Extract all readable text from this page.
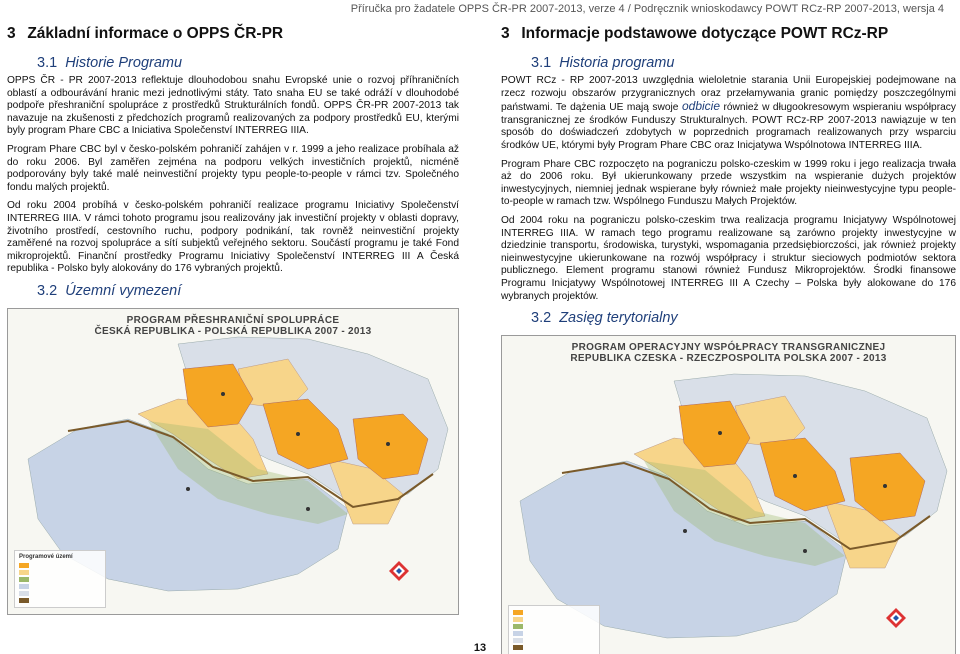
Příručka pro žadatele OPPS ČR-PR 2007-2013, verze 4 / Podręcznik wnioskodawcy POWT RCz-RP 2007-2013, wersja 4
3 Základní informace o OPPS ČR-PR
3.1 Historie Programu

OPPS ČR - PR 2007-2013 reflektuje dlouhodobou snahu Evropské unie o rozvoj příhraničních oblastí a odbourávání hranic mezi jednotlivými státy. Tato snaha EU se také odráží v dlouhodobé podpoře přeshraniční spolupráce z prostředků Strukturálních fondů. OPPS ČR-PR 2007-2013 tak navazuje na zkušenosti z předchozích programů realizovaných za podpory prostředků EU, kterými byly program Phare CBC a Iniciativa Společenství INTERREG IIIA.

Program Phare CBC byl v česko-polském pohraničí zahájen v r. 1999 a jeho realizace probíhala až do roku 2006. Byl zaměřen zejména na podporu velkých investičních projektů, nicméně podporovány byly také malé neinvestiční projekty typu people-to-people v rámci tzv. Společného fondu malých projektů.

Od roku 2004 probíhá v česko-polském pohraničí realizace programu Iniciativy Společenství INTERREG IIIA. V rámci tohoto programu jsou realizovány jak investiční projekty v oblasti dopravy, životního prostředí, cestovního ruchu, podpory podnikání, tak rovněž neinvestiční projekty zaměřené na rozvoj spolupráce a sítí subjektů veřejného sektoru. Součástí programu je také Fond mikroprojektů. Finanční prostředky Programu Iniciativy Společenství INTERREG III A Česká republika - Polsko byly alokovány do 176 vybraných projektů.

3.2 Územní vymezení
PROGRAM PŘESHRANIČNÍ SPOLUPRÁCE
ČESKÁ REPUBLIKA - POLSKÁ REPUBLIKA 2007 - 2013
Programové území
3 Informacje podstawowe dotyczące POWT RCz-RP
3.1 Historia programu

POWT RCz - RP 2007-2013 uwzględnia wieloletnie starania Unii Europejskiej podejmowane na rzecz rozwoju obszarów przygranicznych oraz przełamywania granic pomiędzy poszczególnymi państwami. Te dążenia UE mają swoje odbicie również w długookresowym wspieraniu współpracy transgranicznej ze środków Funduszy Strukturalnych. POWT RCz-RP 2007-2013 nawiązuje w ten sposób do doświadczeń zdobytych w poprzednich programach realizowanych przy wsparciu środków UE, którymi były Program Phare CBC oraz Inicjatywa Wspólnotowa INTERREG IIIA.

Program Phare CBC rozpoczęto na pograniczu polsko-czeskim w 1999 roku i jego realizacja trwała aż do 2006 roku. Był ukierunkowany przede wszystkim na wspieranie dużych projektów inwestycyjnych, niemniej jednak wspierane były również małe projekty nieinwestycyjne typu people-to-people w ramach tzw. Wspólnego Funduszu Małych Projektów.

Od 2004 roku na pograniczu polsko-czeskim trwa realizacja programu Inicjatywy Wspólnotowej INTERREG IIIA. W ramach tego programu realizowane są zarówno projekty inwestycyjne w dziedzinie transportu, środowiska, turystyki, wspomagania przedsiębiorczości, jak również projekty nieinwestycyjne ukierunkowane na rozwój współpracy i struktur sieciowych podmiotów sektora publicznego. Element programu stanowi również Fundusz Mikroprojektów. Środki finansowe Programu Inicjatywy Wspólnotowej INTERREG III A Czechy – Polska były alokowane do 176 wybranych projektów.

3.2 Zasięg terytorialny
PROGRAM OPERACYJNY WSPÓŁPRACY TRANSGRANICZNEJ
REPUBLIKA CZESKA - RZECZPOSPOLITA POLSKA 2007 - 2013
13
